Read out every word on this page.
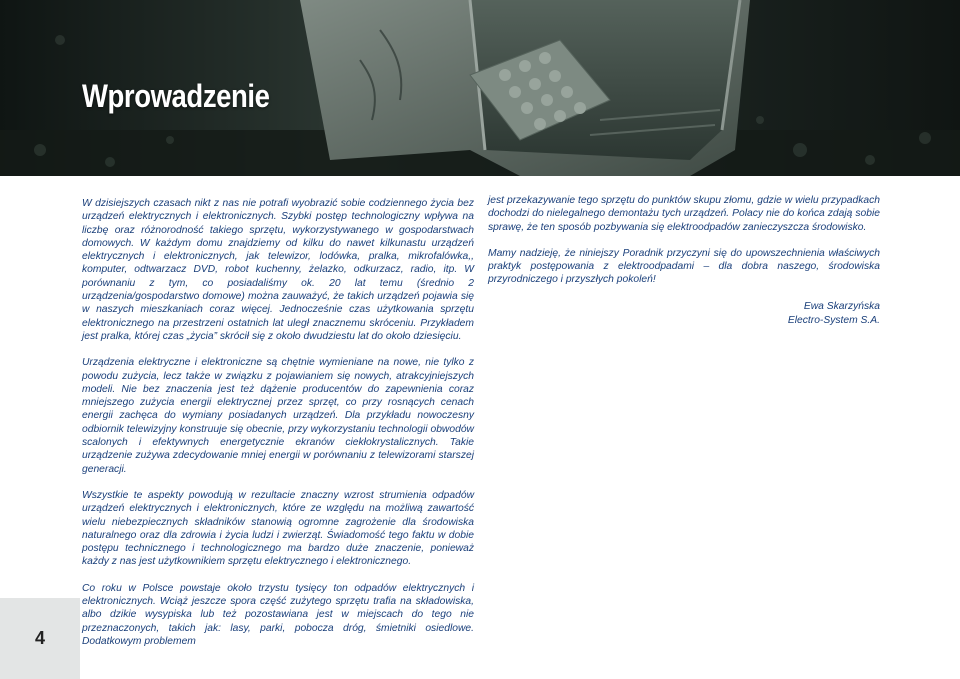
Wprowadzenie

W dzisiejszych czasach nikt z nas nie potrafi wyobrazić sobie codziennego życia bez urządzeń elektrycznych i elektronicznych. Szybki postęp technologiczny wpływa na liczbę oraz różnorodność takiego sprzętu, wykorzystywanego w gospodarstwach domowych. W każdym domu znajdziemy od kilku do nawet kilkunastu urządzeń elektrycznych i elektronicznych, jak telewizor, lodówka, pralka, mikrofalówka,, komputer, odtwarzacz DVD, robot kuchenny, żelazko, odkurzacz, radio, itp. W porównaniu z tym, co posiadaliśmy ok. 20 lat temu (średnio 2 urządzenia/gospodarstwo domowe) można zauważyć, że takich urządzeń pojawia się w naszych mieszkaniach coraz więcej. Jednocześnie czas użytkowania sprzętu elektronicznego na przestrzeni ostatnich lat uległ znacznemu skróceniu. Przykładem jest pralka, której czas „życia” skrócił się z około dwudziestu lat do około dziesięciu.

Urządzenia elektryczne i elektroniczne są chętnie wymieniane na nowe, nie tylko z powodu zużycia, lecz także w związku z pojawianiem się nowych, atrakcyjniejszych modeli. Nie bez znaczenia jest też dążenie producentów do zapewnienia coraz mniejszego zużycia energii elektrycznej przez sprzęt, co przy rosnących cenach energii zachęca do wymiany posiadanych urządzeń. Dla przykładu nowoczesny odbiornik telewizyjny konstruuje się obecnie, przy wykorzystaniu technologii obwodów scalonych i efektywnych energetycznie ekranów ciekłokrystalicznych. Takie urządzenie zużywa zdecydowanie mniej energii w porównaniu z telewizorami starszej generacji.

Wszystkie te aspekty powodują w rezultacie znaczny wzrost strumienia odpadów urządzeń elektrycznych i elektronicznych, które ze względu na możliwą zawartość wielu niebezpiecznych składników stanowią ogromne zagrożenie dla środowiska naturalnego oraz dla zdrowia i życia ludzi i zwierząt. Świadomość tego faktu w dobie postępu technicznego i technologicznego ma bardzo duże znaczenie, ponieważ każdy z nas jest użytkownikiem sprzętu elektrycznego i elektronicznego.

Co roku w Polsce powstaje około trzystu tysięcy ton odpadów elektrycznych i elektronicznych. Wciąż jeszcze spora część zużytego sprzętu trafia na składowiska, albo dzikie wysypiska lub też pozostawiana jest w miejscach do tego nie przeznaczonych, takich jak: lasy, parki, pobocza dróg, śmietniki osiedlowe. Dodatkowym problemem

jest przekazywanie tego sprzętu do punktów skupu złomu, gdzie w wielu przypadkach dochodzi do nielegalnego demontażu tych urządzeń. Polacy nie do końca zdają sobie sprawę, że ten sposób pozbywania się elektroodpadów zanieczyszcza środowisko.

Mamy nadzieję, że niniejszy Poradnik przyczyni się do upowszechnienia właściwych praktyk postępowania z elektroodpadami – dla dobra naszego, środowiska przyrodniczego i przyszłych pokoleń!

Ewa Skarzyńska
Electro-System S.A.
4
